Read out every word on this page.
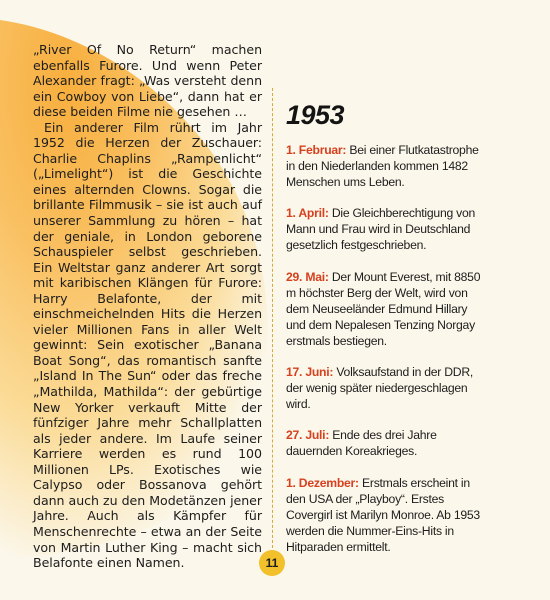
„River Of No Return“ machen ebenfalls Furore. Und wenn Peter Alexander fragt: „Was versteht denn ein Cowboy von Liebe“, dann hat er diese beiden Filme nie gesehen …

Ein anderer Film rührt im Jahr 1952 die Herzen der Zuschauer: Charlie Chaplins „Rampenlicht“ („Limelight“) ist die Geschichte eines alternden Clowns. Sogar die brillante Filmmusik – sie ist auch auf unserer Sammlung zu hören – hat der geniale, in London geborene Schauspieler selbst geschrieben. Ein Weltstar ganz anderer Art sorgt mit karibischen Klängen für Furore: Harry Belafonte, der mit einschmeichelnden Hits die Herzen vieler Millionen Fans in aller Welt gewinnt: Sein exotischer „Banana Boat Song“, das romantisch sanfte „Island In The Sun“ oder das freche „Mathilda, Mathilda“: der gebürtige New Yorker verkauft Mitte der fünfziger Jahre mehr Schallplatten als jeder andere. Im Laufe seiner Karriere werden es rund 100 Millionen LPs. Exotisches wie Calypso oder Bossanova gehört dann auch zu den Modetänzen jener Jahre. Auch als Kämpfer für Menschenrechte – etwa an der Seite von Martin Luther King – macht sich Belafonte einen Namen.

1953
1. Februar: Bei einer Flutkatastrophe in den Niederlanden kommen 1482 Menschen ums Leben.
1. April: Die Gleichberechtigung von Mann und Frau wird in Deutschland gesetzlich festgeschrieben.
29. Mai: Der Mount Everest, mit 8850 m höchster Berg der Welt, wird von dem Neuseeländer Edmund Hillary und dem Nepalesen Tenzing Norgay erstmals bestiegen.
17. Juni: Volksaufstand in der DDR, der wenig später niedergeschlagen wird.
27. Juli: Ende des drei Jahre dauernden Koreakrieges.
1. Dezember: Erstmals erscheint in den USA der „Playboy“. Erstes Covergirl ist Marilyn Monroe. Ab 1953 werden die Nummer-Eins-Hits in Hitparaden ermittelt.
11
